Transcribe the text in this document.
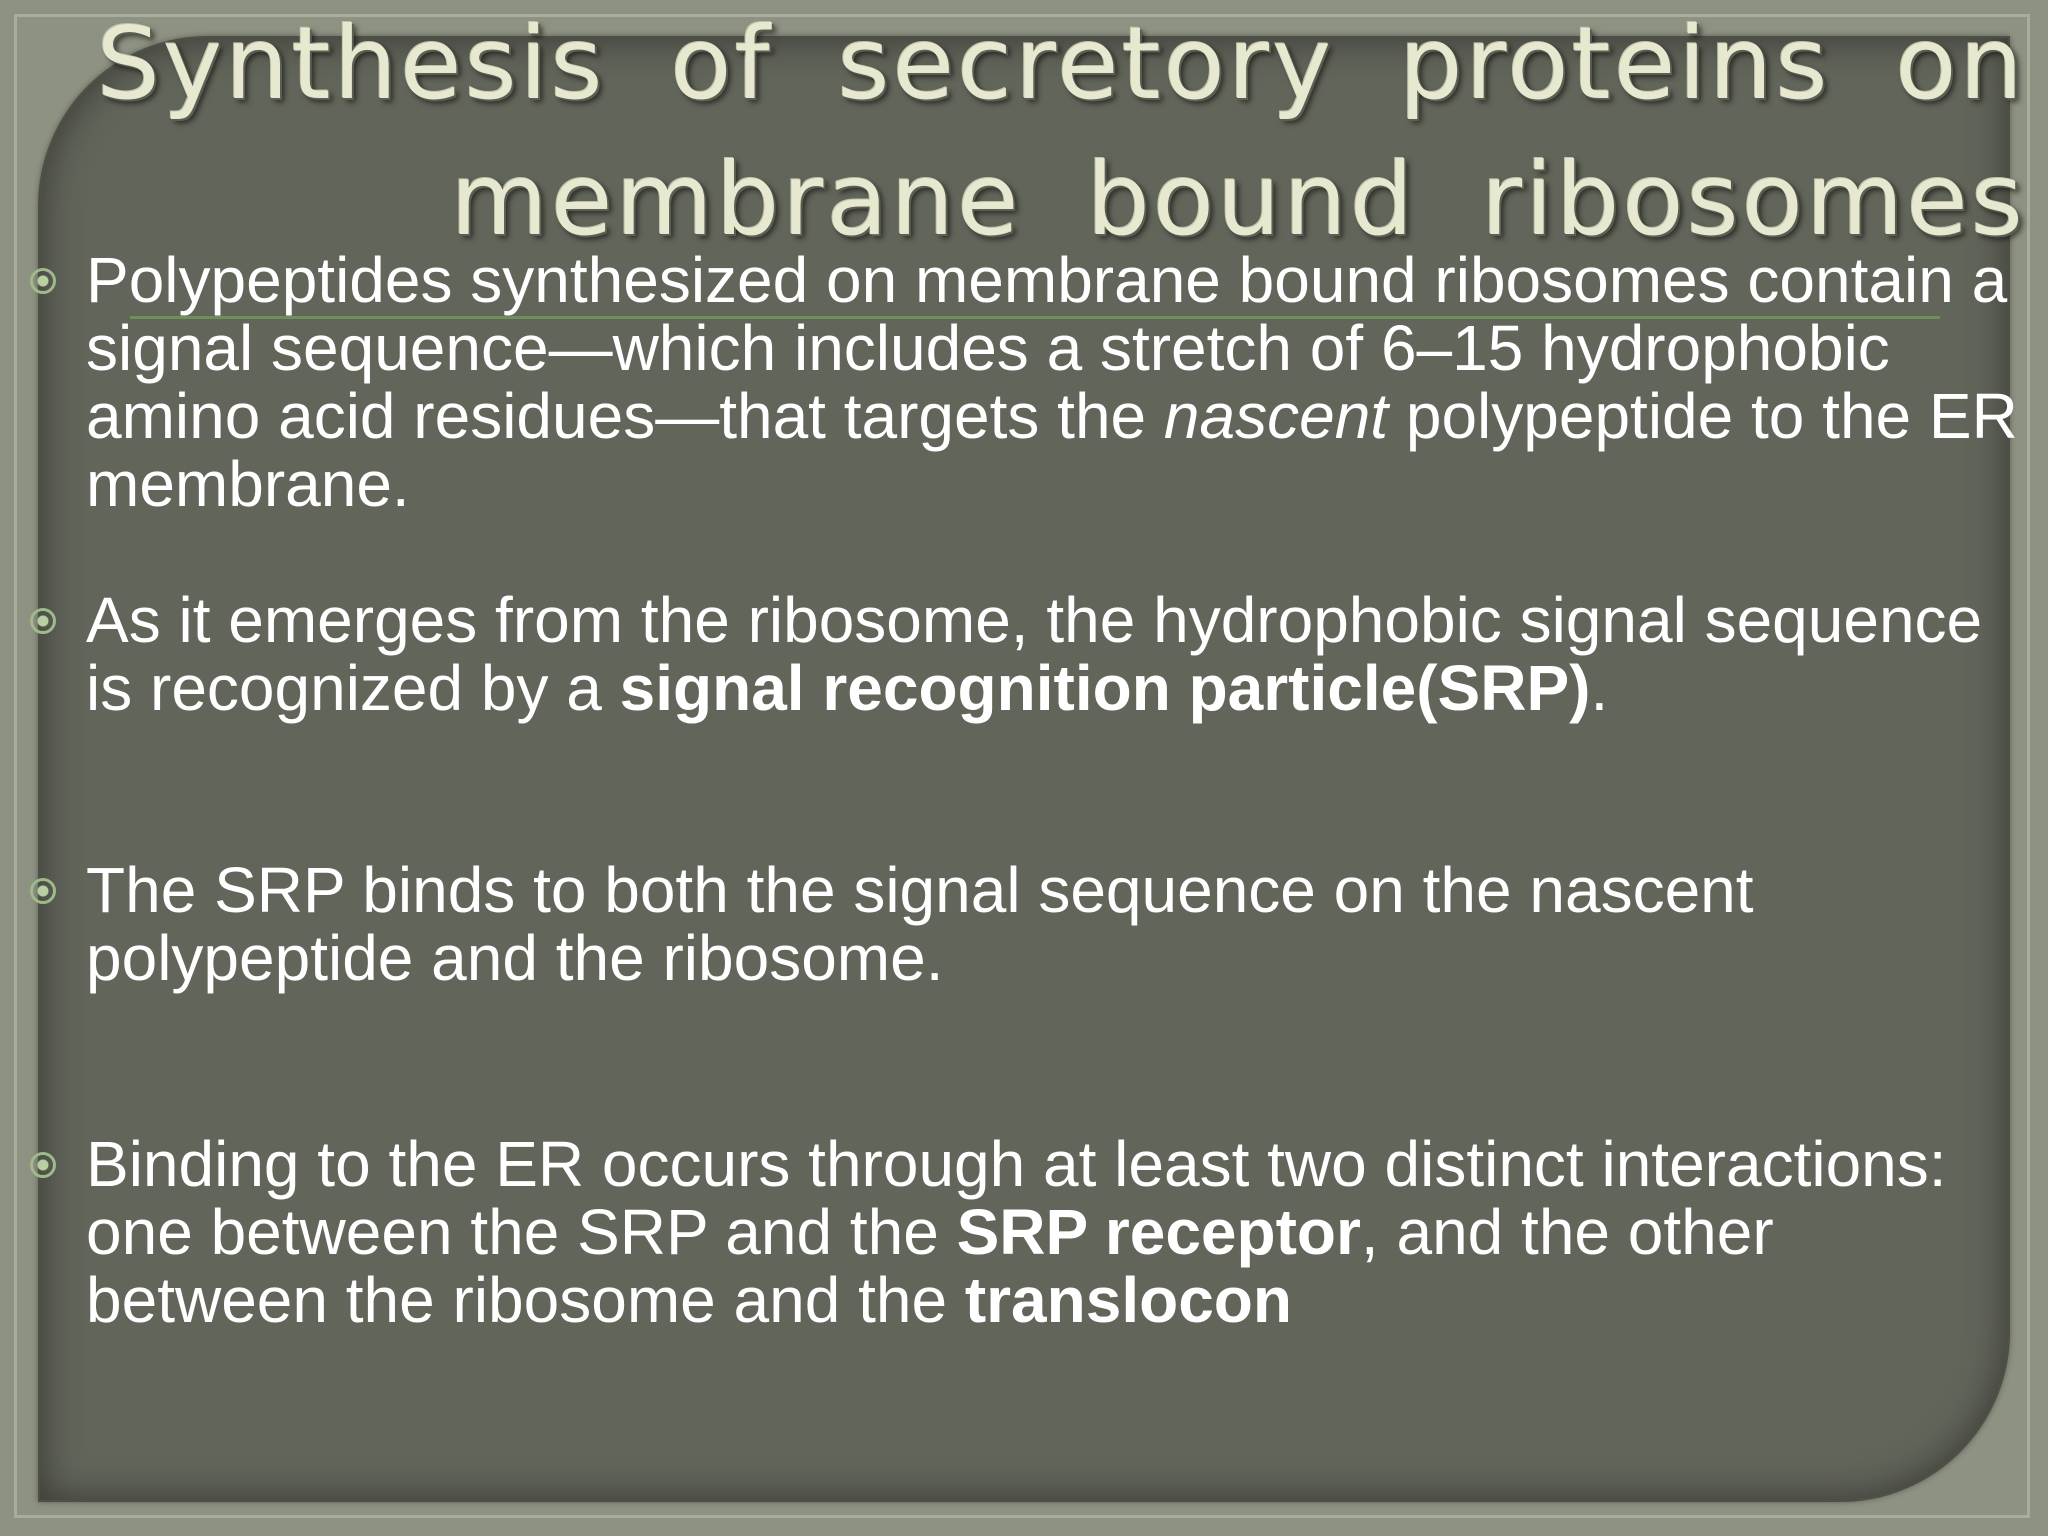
Synthesis of secretory proteins on
membrane bound ribosomes
Polypeptides synthesized on membrane bound ribosomes contain a signal sequence—which includes a stretch of 6–15 hydrophobic amino acid residues—that targets the nascent polypeptide to the ER membrane.
As it emerges from the ribosome, the hydrophobic signal sequence is recognized by a signal recognition particle(SRP).
The SRP binds to both the signal sequence on the nascent polypeptide and the ribosome.
Binding to the ER occurs through at least two distinct interactions: one between the SRP and the SRP receptor, and the other between the ribosome and the translocon
